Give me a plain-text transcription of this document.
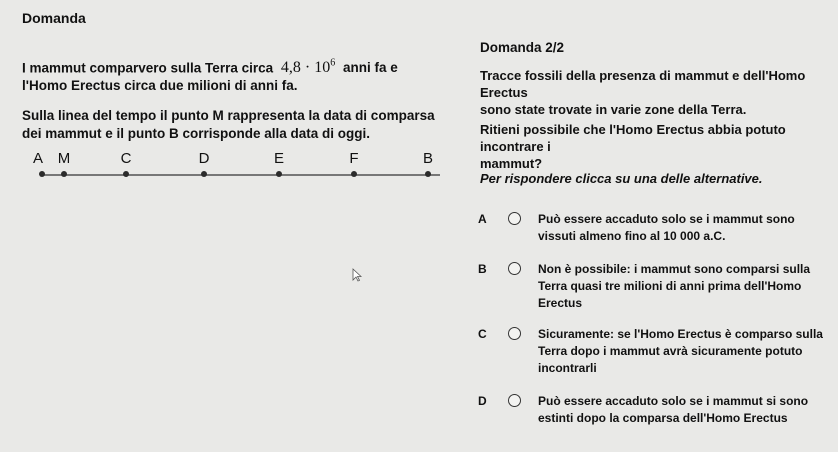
Domanda
I mammut comparvero sulla Terra circa $4,8 \cdot 10^6$ anni fa e
l'Homo Erectus circa due milioni di anni fa.
Sulla linea del tempo il punto M rappresenta la data di comparsa
dei mammut e il punto B corrisponde alla data di oggi.
A M	C	D	E	F	B
Domanda 2/2
Tracce fossili della presenza di mammut e dell'Homo Erectus
sono state trovate in varie zone della Terra.
Ritieni possibile che l'Homo Erectus abbia potuto incontrare i
mammut?
Per rispondere clicca su una delle alternative.
A	Può essere accaduto solo se i mammut sono
vissuti almeno fino al 10 000 a.C.
B	Non è possibile: i mammut sono comparsi sulla
Terra quasi tre milioni di anni prima dell'Homo
Erectus
C	Sicuramente: se l'Homo Erectus è comparso sulla
Terra dopo i mammut avrà sicuramente potuto
incontrarli
D	Può essere accaduto solo se i mammut si sono
estinti dopo la comparsa dell'Homo Erectus
